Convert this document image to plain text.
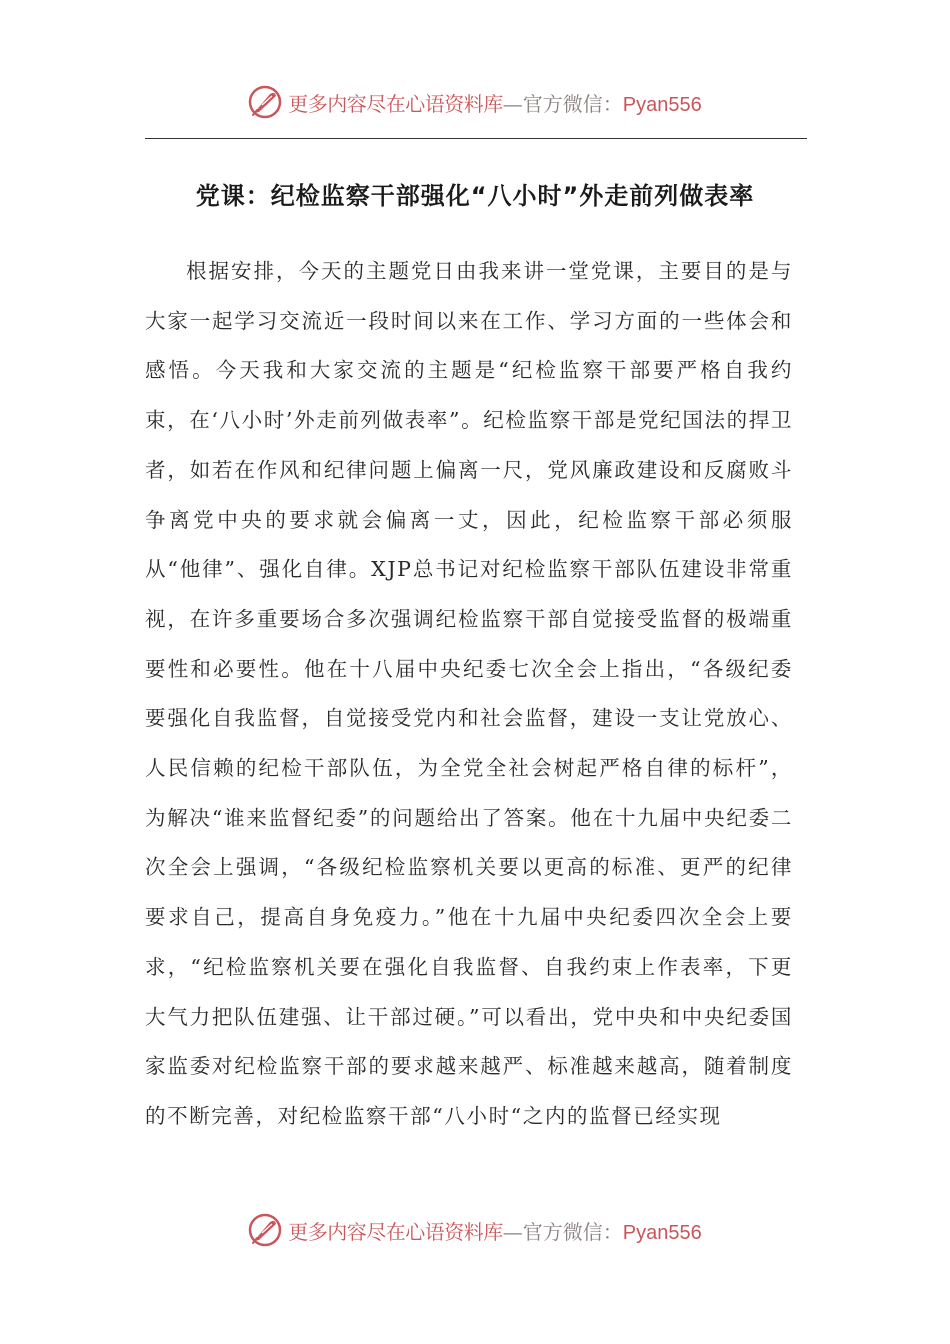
更多内容尽在心语资料库 — 官方微信： Pyan556
党课：纪检监察干部强化“八小时”外走前列做表率

根据安排，今天的主题党日由我来讲一堂党课，主要目的是与大家一起学习交流近一段时间以来在工作、学习方面的一些体会和感悟。今天我和大家交流的主题是“纪检监察干部要严格自我约束，在‘八小时’外走前列做表率”。纪检监察干部是党纪国法的捍卫者，如若在作风和纪律问题上偏离一尺，党风廉政建设和反腐败斗争离党中央的要求就会偏离一丈，因此，纪检监察干部必须服从“他律”、强化自律。XJP总书记对纪检监察干部队伍建设非常重视，在许多重要场合多次强调纪检监察干部自觉接受监督的极端重要性和必要性。他在十八届中央纪委七次全会上指出，“各级纪委要强化自我监督，自觉接受党内和社会监督，建设一支让党放心、人民信赖的纪检干部队伍，为全党全社会树起严格自律的标杆”，为解决“谁来监督纪委”的问题给出了答案。他在十九届中央纪委二次全会上强调，“各级纪检监察机关要以更高的标准、更严的纪律要求自己，提高自身免疫力。”他在十九届中央纪委四次全会上要求，“纪检监察机关要在强化自我监督、自我约束上作表率，下更大气力把队伍建强、让干部过硬。”可以看出，党中央和中央纪委国家监委对纪检监察干部的要求越来越严、标准越来越高，随着制度的不断完善，对纪检监察干部“八小时“之内的监督已经实现

更多内容尽在心语资料库 — 官方微信： Pyan556
